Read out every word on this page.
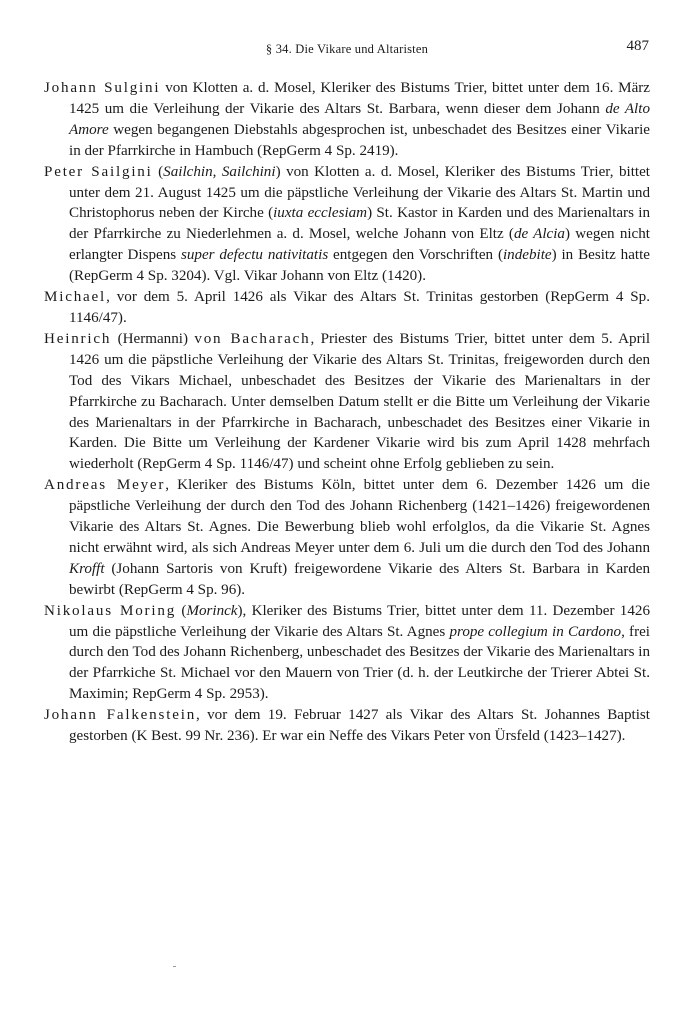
§ 34. Die Vikare und Altaristen	487

Johann Sulgini von Klotten a. d. Mosel, Kleriker des Bistums Trier, bittet unter dem 16. März 1425 um die Verleihung der Vikarie des Altars St. Barbara, wenn dieser dem Johann de Alto Amore wegen begangenen Diebstahls abgesprochen ist, unbeschadet des Besitzes einer Vikarie in der Pfarrkirche in Hambuch (RepGerm 4 Sp. 2419).

Peter Sailgini (Sailchin, Sailchini) von Klotten a. d. Mosel, Kleriker des Bistums Trier, bittet unter dem 21. August 1425 um die päpstliche Verleihung der Vikarie des Altars St. Martin und Christophorus neben der Kirche (iuxta ecclesiam) St. Kastor in Karden und des Marienaltars in der Pfarrkirche zu Niederlehmen a. d. Mosel, welche Johann von Eltz (de Alcia) wegen nicht erlangter Dispens super defectu nativitatis entgegen den Vorschriften (indebite) in Besitz hatte (RepGerm 4 Sp. 3204). Vgl. Vikar Johann von Eltz (1420).

Michael, vor dem 5. April 1426 als Vikar des Altars St. Trinitas gestorben (RepGerm 4 Sp. 1146/47).

Heinrich (Hermanni) von Bacharach, Priester des Bistums Trier, bittet unter dem 5. April 1426 um die päpstliche Verleihung der Vikarie des Altars St. Trinitas, freigeworden durch den Tod des Vikars Michael, unbeschadet des Besitzes der Vikarie des Marienaltars in der Pfarrkirche zu Bacharach. Unter demselben Datum stellt er die Bitte um Verleihung der Vikarie des Marienaltars in der Pfarrkirche in Bacharach, unbeschadet des Besitzes einer Vikarie in Karden. Die Bitte um Verleihung der Kardener Vikarie wird bis zum April 1428 mehrfach wiederholt (RepGerm 4 Sp. 1146/47) und scheint ohne Erfolg geblieben zu sein.

Andreas Meyer, Kleriker des Bistums Köln, bittet unter dem 6. Dezember 1426 um die päpstliche Verleihung der durch den Tod des Johann Richenberg (1421–1426) freigewordenen Vikarie des Altars St. Agnes. Die Bewerbung blieb wohl erfolglos, da die Vikarie St. Agnes nicht erwähnt wird, als sich Andreas Meyer unter dem 6. Juli um die durch den Tod des Johann Krofft (Johann Sartoris von Kruft) freigewordene Vikarie des Alters St. Barbara in Karden bewirbt (RepGerm 4 Sp. 96).

Nikolaus Moring (Morinck), Kleriker des Bistums Trier, bittet unter dem 11. Dezember 1426 um die päpstliche Verleihung der Vikarie des Altars St. Agnes prope collegium in Cardono, frei durch den Tod des Johann Richenberg, unbeschadet des Besitzes der Vikarie des Marienaltars in der Pfarrkiche St. Michael vor den Mauern von Trier (d. h. der Leutkirche der Trierer Abtei St. Maximin; RepGerm 4 Sp. 2953).

Johann Falkenstein, vor dem 19. Februar 1427 als Vikar des Altars St. Johannes Baptist gestorben (K Best. 99 Nr. 236). Er war ein Neffe des Vikars Peter von Ürsfeld (1423–1427).
